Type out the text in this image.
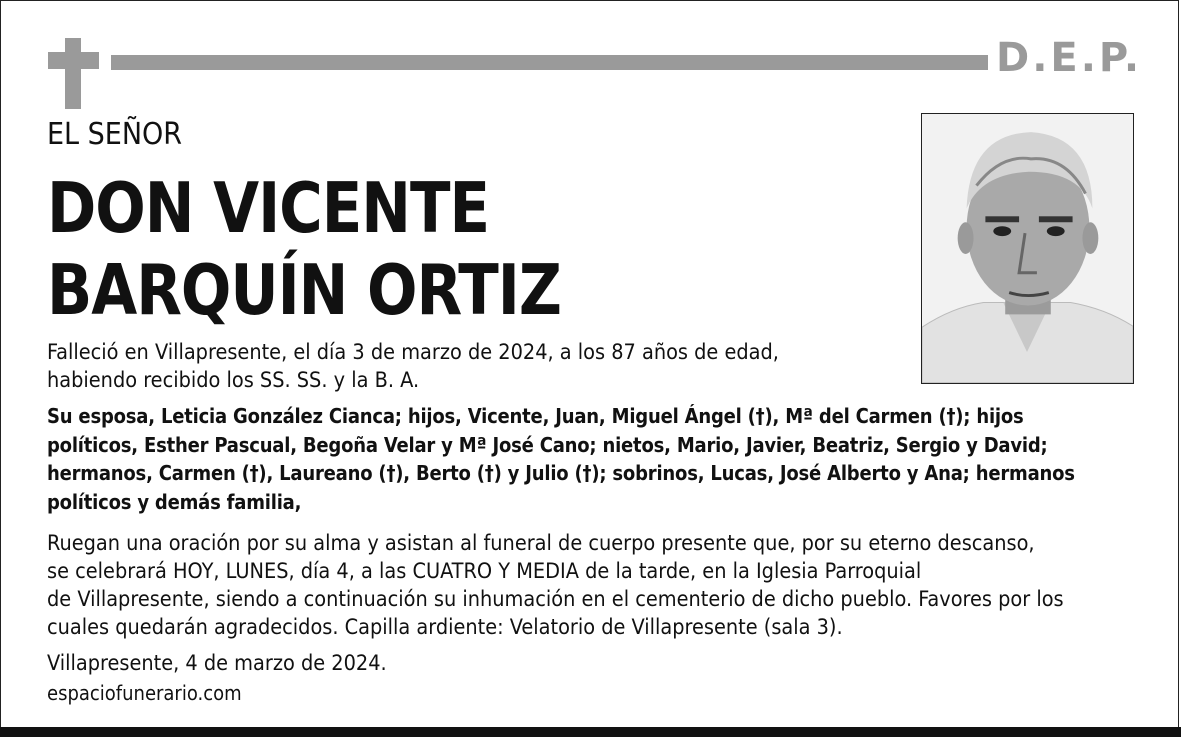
D.E.P.
EL SEÑOR
DON VICENTE
BARQUÍN ORTIZ
Falleció en Villapresente, el día 3 de marzo de 2024, a los 87 años de edad,
habiendo recibido los SS. SS. y la B. A.
Su esposa, Leticia González Cianca; hijos, Vicente, Juan, Miguel Ángel (†), Mª del Carmen (†); hijos
políticos, Esther Pascual, Begoña Velar y Mª José Cano; nietos, Mario, Javier, Beatriz, Sergio y David;
hermanos, Carmen (†), Laureano (†), Berto (†) y Julio (†); sobrinos, Lucas, José Alberto y Ana; hermanos
políticos y demás familia,
Ruegan una oración por su alma y asistan al funeral de cuerpo presente que, por su eterno descanso,
se celebrará HOY, LUNES, día 4, a las CUATRO Y MEDIA de la tarde, en la Iglesia Parroquial
de Villapresente, siendo a continuación su inhumación en el cementerio de dicho pueblo. Favores por los
cuales quedarán agradecidos. Capilla ardiente: Velatorio de Villapresente (sala 3).
Villapresente, 4 de marzo de 2024.
espaciofunerario.com
